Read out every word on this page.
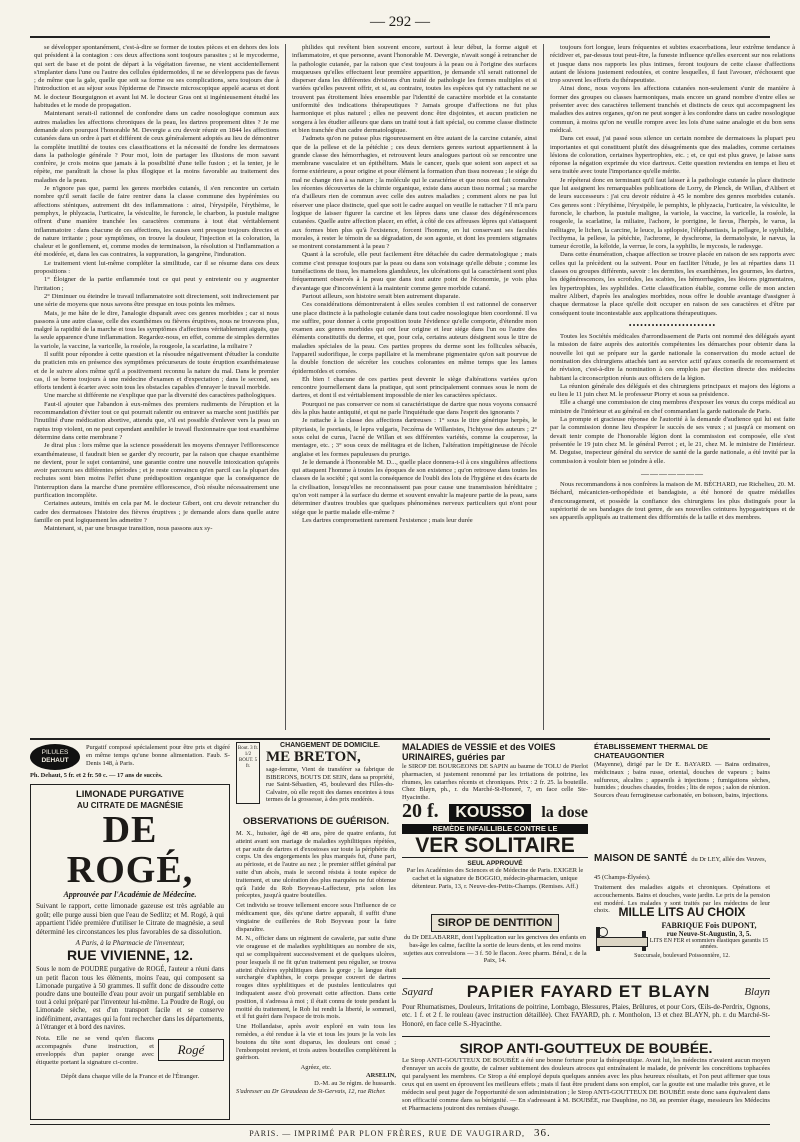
— 292 —

se développer spontanément, c'est-à-dire se former de toutes pièces et en dehors des lois qui président à la contagion : ces deux affections sont toujours parasites ; si le mycoderme, qui sert de base et de point de départ à la végétation favense, ne vient accidentellement s'implanter dans l'une ou l'autre des cellules épidermoïdes, il ne se développera pas de favus ; de même que la gale, quelle que soit sa forme ou ses complications, sera toujours due à l'introduction et au séjour sous l'épiderme de l'insecte microscopique appelé acarus et dont M. le docteur Bourguignon et avant lui M. le docteur Gras ont si ingénieusement étudié les habitudes et le mode de propagation.

Maintenant serait-il rationnel de confondre dans un cadre nosologique commun aux autres maladies les affections chroniques de la peau, les dartres proprement dites ? Je me demande alors pourquoi l'honorable M. Devergie a cru devoir réunir en 1844 les affections cutanées dans un ordre à part et différent de ceux généralement adoptés au lieu de démontrer la complète inutilité de toutes ces classifications et la nécessité de fondre les dermatoses dans la pathologie générale ? Pour moi, loin de partager les illusions de mon savant confrère, je crois moins que jamais à la possibilité d'une telle fusion ; et la tenter, je le répète, me paraîtrait la chose la plus illogique et la moins favorable au traitement des maladies de la peau.

Je n'ignore pas que, parmi les genres morbides cutanés, il s'en rencontre un certain nombre qu'il serait facile de faire rentrer dans la classe commune des hypérémies ou affections sténiques, autrement dit des inflammations : ainsi, l'érysipèle, l'érythème, le pemphyx, le phlyzacia, l'urticaire, la vésiculite, le furoncle, le charbon, la pustule maligne offrent d'une manière tranchée les caractères communs à tout état véritablement inflammatoire : dans chacune de ces affections, les causes sont presque toujours directes et de nature irritante ; pour symptômes, on trouve la douleur, l'injection et la coloration, la chaleur et le gonflement, et, comme modes de terminaison, la résolution si l'inflammation a été modérée, et, dans les cas contraires, la suppuration, la gangrène, l'induration.

Le traitement vient lui-même compléter la similitude, car il se résume dans ces deux propositions :

1° Éloigner de la partie enflammée tout ce qui peut y entretenir ou y augmenter l'irritation ;

2° Diminuer ou éteindre le travail inflammatoire soit directement, soit indirectement par une série de moyens que nous savons être presque en tous points les mêmes.

Mais, je me hâte de le dire, l'analogie disparaît avec ces genres morbides ; car si nous passons à une autre classe, celle des exanthèmes ou fièvres éruptives, nous ne trouvons plus, malgré la rapidité de la marche et tous les symptômes d'affections véritablement aiguës, que la seule apparence d'une inflammation. Regardez-nous, en effet, comme de simples dermites la variole, la vaccine, la varicelle, la roséole, la rougeole, la scarlatine, la miliaire ?

Il suffit pour répondre à cette question et la résoudre négativement d'étudier la conduite du praticien mis en présence des symptômes précurseurs de toute éruption exanthémateuse et de le suivre alors même qu'il a positivement reconnu la nature du mal. Dans le premier cas, il se borne toujours à une médecine d'examen et d'expectation ; dans le second, ses efforts tendent à écarter avec soin tous les obstacles capables d'enrayer le travail morbide.

Une marche si différente ne s'explique que par la diversité des caractères pathologiques.

Faut-il ajouter que l'abandon à eux-mêmes des premiers rudiments de l'éruption et la recommandation d'éviter tout ce qui pourrait ralentir ou entraver sa marche sont justifiés par l'inutilité d'une médication abortive, attendu que, s'il est possible d'enlever vers la peau un raptus trop violent, on ne peut cependant annihiler le travail fluxionnaire que tout exanthème détermine dans cette membrane ?

Je dirai plus : lors même que la science posséderait les moyens d'enrayer l'efflorescence exanthémateuse, il faudrait bien se garder d'y recourir, par la raison que chaque exanthème ne devient, pour le sujet contaminé, une garantie contre une nouvelle intoxication qu'après avoir parcouru ses différentes périodes ; et je reste convaincu qu'en parcil cas la plupart des rechutes sont bien moins l'effet d'une prédisposition organique que la conséquence de l'interruption dans la marche d'une première efflorescence, d'où résulte nécessairement une purification incomplète.

Certaines auteurs, imités en cela par M. le docteur Gibert, ont cru devoir retrancher du cadre des dermatoses l'histoire des fièvres éruptives ; je demande alors dans quelle autre famille on peut logiquement les admettre ?

Maintenant, si, par une brusque transition, nous passons aux sy-

philides qui revêtent bien souvent encore, surtout à leur début, la forme aiguë et inflammatoire, et que personne, avant l'honorable M. Devergie, n'avait songé à retrancher de la pathologie cutanée, par la raison que c'est toujours à la peau ou à l'origine des surfaces muqueuses qu'elles effectuent leur première apparition, je demande s'il serait rationnel de disperser dans les différentes divisions d'un traité de pathologie les formes multiples et si variées qu'elles peuvent offrir, et si, au contraire, toutes les espèces qui s'y rattachent ne se trouvent pas étroitement liées ensemble par l'identité de caractère morbide et la constante uniformité des indications thérapeutiques ? Jamais groupe d'affections ne fut plus harmonique et plus naturel ; elles ne peuvent donc être disjointes, et aucun praticien ne songera à les étudier ailleurs que dans un traité tout à fait spécial, ou comme classe distincte et bien tranchée d'un cadre dermatologique.

J'admets qu'on ne puisse plus rigoureusement en être autant de la carcine cutanée, ainsi que de la pellese et de la pétéchie ; ces deux derniers genres surtout appartiennent à la grande classe des hémorrhagies, et retrouvent leurs analogues partout où se rencontre une membrane vasculaire et un épithélium. Mais le cancer, quels que soient son aspect et sa forme extérieure, a pour origine et pour élément la formation d'un tissu nouveau ; le siége du mal ne change rien à sa nature ; la molécule qui le caractérise et que nous ont fait connaître les récentes découvertes de la chimie organique, existe dans aucun tissu normal ; sa marche n'a d'ailleurs rien de commun avec celle des autres maladies ; comment alors ne pas lui réserver une place distincte, quel que soit le cadre auquel on veuille le rattacher ? Il m'a paru logique de laisser figurer la carcine et les lèpres dans une classe des dégénérescences cutanées. Quelle autre affection placer, en effet, à côté de ces affreuses lèpres qui s'attaquent aux formes bien plus qu'à l'existence, forcent l'homme, en lui conservant ses facultés morales, à rester le témoin de sa dégradation, de son agonie, et dont les premiers stigmates se montrent constamment à la peau ?

Quant à la scrofule, elle peut facilement être détachée du cadre dermatologique ; mais comme c'est presque toujours par la peau ou dans son voisinage qu'elle débute ; comme les tuméfactions de tissu, les mamelons glanduleux, les ulcérations qui la caractérisent sont plus fréquemment observés à la peau que dans tout autre point de l'économie, je vois plus d'avantage que d'inconvénient à la maintenir comme genre morbide cutané.

Partout ailleurs, son histoire serait bien autrement disparate.

Ces considérations démontreraient à elles seules combien il est rationnel de conserver une place distincte à la pathologie cutanée dans tout cadre nosologique bien coordonné. Il va me suffire, pour donner à cette proposition toute l'évidence qu'elle comporte, d'étendre mon examen aux genres morbides qui ont leur origine et leur siége dans l'un ou l'autre des éléments constitutifs du derme, et que, pour cela, certains auteurs désignent sous le titre de maladies spéciales de la peau. Ces parties propres du derme sont les follicules sébacés, l'appareil sudorifique, le corps papillaire et la membrane pigmentaire qu'on sait pourvue de la double fonction de sécréter les couches colorantes en même temps que les lames épidermoïdes et cornées.

Eh bien ! chacune de ces parties peut devenir le siège d'altérations variées qu'on rencontre journellement dans la pratique, qui sont principalement connues sous le nom de dartres, et dont il est véritablement impossible de nier les caractères spéciaux.

Pourquoi ne pas conserver ce nom si caractéristique de dartre que nous voyons consacré dès la plus haute antiquité, et qui ne parle l'inquiétude que dans l'esprit des ignorants ?

Je rattache à la classe des affections dartreuses : 1° sous le titre générique herpès, le pityriasis, le psoriasis, le lepra vulgaris, l'eczéma de Willanistes, l'ichtyose des auteurs ; 2° sous celui de curus, l'acné de Willan et ses différentes variétés, comme la couperose, la mentagre, etc. ; 3° sous ceux de mélitagra et de lichen, l'altération impétigineuse de l'école anglaise et les formes papuleuses du prurigo.

Je le demande à l'honorable M. D..., quelle place donnera-t-il à ces singulières affections qui attaquent l'homme à toutes les époques de son existence ; qu'on retrouve dans toutes les classes de la société ; qui sont la conséquence de l'oubli des lois de l'hygiène et des écarts de la civilisation, lorsqu'elles ne reconnaissent pas pour cause une transmission héréditaire ; qu'on voit ramper à la surface du derme et souvent envahir la majeure partie de la peau, sans déterminer d'autres troubles que quelques phénomènes nerveux particuliers qui n'ont pour siége que le partie malade elle-même ?

Les dartres compromettent rarement l'existence ; mais leur durée

toujours fort longue, leurs fréquentes et subites exacerbations, leur extrême tendance à récidiver et, par-dessus tout peut-être, la funeste influence qu'elles exercent sur nos relations et jusque dans nos rapports les plus intimes, feront toujours de cette classe d'affections autant de lésions justement redoutées, et contre lesquelles, il faut l'avouer, n'échouent que trop souvent les efforts du thérapeutiste.

Ainsi donc, nous voyons les affections cutanées non-seulement s'unir de manière à former des groupes ou classes harmoniques, mais encore un grand nombre d'entre elles se présenter avec des caractères tellement tranchés et distincts de ceux qui accompagnent les maladies des autres organes, qu'on ne peut songer à les confondre dans un cadre nosologique commun, à moins qu'on ne veuille rompre avec les lois d'une saine analogie et du bon sens médical.

Dans cet essai, j'ai passé sous silence un certain nombre de dermatoses la plupart peu importantes et qui constituent plutôt des désagréments que des maladies, comme certaines lésions de coloration, certaines hypertrophies, etc. ; et, ce qui est plus grave, je laisse sans réponse la négation exprimée du vice dartreux. Cette question reviendra en temps et lieu et sera traitée avec toute l'importance qu'elle mérite.

Je répéterai donc en terminant qu'il faut laisser à la pathologie cutanée la place distincte que lui assignent les remarquables publications de Lorry, de Plenck, de Willan, d'Alibert et de leurs successeurs : j'ai cru devoir réduire à 45 le nombre des genres morbides cutanés. Ces genres sont : l'érythème, l'érysipèle, le pemphix, le phlyzacia, l'urticaire, la vésiculite, le furoncle, le charbon, la pustule maligne, la variole, la vaccine, la varicelle, la roséole, la rougeole, la scarlatine, la miliaire, l'achore, le porrigine, le favus, l'herpès, le varus, la mélitagre, le lichen, la carcine, le leuce, la spilopsie, l'éléphantiasis, la pellagre, le syphilide, l'ecthyma, la pellese, la pétéchie, l'achrome, le dyschrome, la dermatolysie, le nævus, la tumeur écrotile, la kéloïde, la verrue, le cors, la syphilis, le mycosis, le radesyge.

Dans cette énumération, chaque affection se trouve placée en raison de ses rapports avec celles qui la précèdent ou la suivent. Pour en faciliter l'étude, je les ai réparties dans 11 classes ou groupes différents, savoir : les dermites, les exanthèmes, les gourmes, les dartres, les dégénérescences, les scrofules, les scabies, les hémorrhagies, les lésions pigmentaires, les hypertrophies, les syphilides. Cette classification établie, comme celle de mon ancien maître Alibert, d'après les analogies morbides, nous offre le double avantage d'assigner à chaque dermatose la place qu'elle doit occuper en raison de ses caractères et d'être par conséquent toute incontestable aux applications thérapeutiques.

•••••••••••••••••••••••

Toutes les Sociétés médicales d'arrondissement de Paris ont nommé des délégués ayant la mission de faire auprès des autorités compétentes les démarches pour obtenir dans la nouvelle loi qui se prépare sur la garde nationale la conservation du mode actuel de nomination des chirurgiens attachés tant au service actif qu'aux conseils de recensement et de révision, c'est-à-dire la nomination à ces emplois par élection directe des médecins habitant la circonscription réunis aux officiers de la légion.

La réunion générale des délégués et des chirurgiens principaux et majors des légions a eu lieu le 11 juin chez M. le professeur Piorry et sous sa présidence.

Elle a chargé une commission de cinq membres d'exposer les vœux du corps médical au ministre de l'intérieur et au général en chef commandant la garde nationale de Paris.

La prompte et gracieuse réponse de l'autorité à la demande d'audience qui lui est faite par la commission donne lieu d'espérer le succès de ses vœux ; si jusqu'à ce moment on devait tenir compte de l'honorable légion dont la commission est composée, elle s'est présentée le 19 juin chez M. le général Perrot ; et, le 21, chez M. le ministre de l'intérieur. M. Deguise, inspecteur général du service de santé de la garde nationale, a été invité par la commission à vouloir bien se joindre à elle.

———————

Nous recommandons à nos confrères la maison de M. BÉCHARD, rue Richelieu, 20. M. Béchard, mécanicien-orthopédiste et bandagiste, a été honoré de quatre médailles d'encouragement, et possède la confiance des chirurgiens les plus distingués pour la supériorité de ses bandages de tout genre, de ses nouvelles ceintures hypogastriques et de ses appareils appliqués au traitement des difformités de la taille et des membres.

PILULES
DEHAUT
Purgatif composé spécialement pour être pris et digéré en même temps qu'une bonne alimentation. Faub. S-Denis 148, à Paris.
Ph. Dehaut, 5 fr. et 2 fr. 50 c. — 17 ans de succès.
LIMONADE PURGATIVE
AU CITRATE DE MAGNÉSIE
DE ROGÉ,
Approuvée par l'Académie de Médecine.
Suivant le rapport, cette limonade gazeuse est très agréable au goût; elle purge aussi bien que l'eau de Sedlitz; et M. Rogé, à qui appartient l'idée première d'utiliser le Citrate de magnésie, a seul déterminé les circonstances les plus favorables de sa dissolution.
A Paris, à la Pharmacie de l'inventeur,
RUE VIVIENNE, 12.
Sous le nom de POUDRE purgative de ROGÉ, l'auteur a réuni dans un petit flacon tous les éléments, moins l'eau, qui composent sa Limonade purgative à 50 grammes. Il suffit donc de dissoudre cette poudre dans une bouteille d'eau pour avoir un purgatif semblable en tout à celui préparé par l'inventeur lui-même. La Poudre de Rogé, ou Limonade sèche, est d'un transport facile et se conserve indéfiniment, avantages qui la font rechercher dans les départements, à l'étranger et à bord des navires.
Nota. Elle ne se vend qu'en flacons accompagnés d'une instruction, et enveloppés d'un papier orange avec étiquette portant la signature ci-contre.
Rogé
Dépôt dans chaque ville de la France et de l'Étranger.
Bout. 3 fr. 1/2 BOUT. 5 fr.
CHANGEMENT DE DOMICILE.
ME BRETON,
sage-femme, Vient de transférer sa fabrique de BIBERONS, BOUTS DE SEIN, dans sa propriété, rue Saint-Sébastien, 45, boulevard des Filles-du-Calvaire, où elle reçoit des dames enceintes à tous termes de la grossesse, à des prix modérés.
OBSERVATIONS DE GUÉRISON.
M. X., huissier, âgé de 48 ans, père de quatre enfants, fut atteint avant son mariage de maladies syphilitiques répétées, et par suite de dartres et d'exostoses sur toute la périphérie du corps. Un des engorgements les plus marqués fut, d'une part, au périoste, et de l'autre au nez ; le premier sifflet général par suite d'un abcès, mais le second résista à toute espèce de traitement, et une ulcération des plus marquées ne fut obtenue qu'à l'aide du Rob Boyveau-Laffecteur, pris selon les préceptes, jusqu'à quatre bouteilles.
Cet individu se trouve tellement encore sous l'influence de ce médicament que, dès qu'une dartre apparaît, il suffit d'une vingtaine de cuillerées de Rob Boyveau pour la faire disparaître.
M. N., officier dans un régiment de cavalerie, par suite d'une vie orageuse et de maladies syphilitiques au nombre de six, qui se compliquèrent successivement et de quelques ulcères, pour lesquels il ne fit qu'un traitement peu régulier, se trouva atteint d'ulcères syphilitiques dans la gorge ; la langue était surchargée d'aphthes, le corps presque couvert de dartres rouges dites syphilitiques et de pustules lenticulaires qui indiquaient assez d'où provenait cette affection. Dans cette position, il s'adressa à moi ; il était connu de toute pendant la moitié du traitement, le Rob lui rendit la liberté, le sommeil, et il fut guéri dans l'espace de trois mois.
Une Hollandaise, après avoir exploré en vain tous les remèdes, a été rendue à la vie et tous les jours je la vois les boutons du tête sont disparus, les douleurs ont cessé ; l'embonpoint revient, et trois autres bouteilles complétèrent la guérison.
Agréez, etc.
ARSELIN,
D.-M. au 3e régim. de hussards.
S'adresser au Dr Giraudeau de St-Gervais, 12, rue Richer.
MALADIES de VESSIE et des VOIES URINAIRES, guéries par
le SIROP DE BOURGEONS DE SAPIN au baume de TOLU de Pierlot pharmacien, si justement renommé par les irritations de poitrine, les rhumes, les catarrhes récents et chroniques. Prix : 2 fr. 25. la bouteille. Chez Blayn, ph., r. du Marché-St-Honoré, 7, en face celle Ste-Hyacinthe.
20 f.	KOUSSO	la dose
REMÈDE INFAILLIBLE CONTRE LE
VER SOLITAIRE
SEUL APPROUVÉ
Par les Académies des Sciences et de Médecine de Paris. EXIGER le cachet et la signature de BOGGIO, médecin-pharmacien, unique détenteur. Paris, 13, r. Neuve-des-Petits-Champs. (Remises. Aff.)
SIROP DE DENTITION
du Dr DELABARRE, dont l'application sur les gencives des enfants en bas-âge les calme, facilite la sortie de leurs dents, et les rend moins sujettes aux convulsions — 3 f. 50 le flacon. Avec pharm. Béral, r. de la Paix, 14.
ÉTABLISSEMENT THERMAL DE CHATEAUGONTIER
(Mayenne), dirigé par le Dr E. BAYARD. — Bains ordinaires, médicinaux ; bains russe, oriental, douches de vapeurs ; bains sulfureux, alcalins ; appareils à injections ; fumigations sèches, humides ; douches chaudes, froides ; lits de repos ; salon de réunion. Sources d'eau ferrugineuse carbonatée, en boisson, bains, injections.
MAISON DE SANTÉ du Dr LEY, allée des Veuves, 45 (Champs-Élysées).
Traitement des maladies aiguës et chroniques. Opérations et accouchements. Bains et douches, vaste jardin. Le prix de la pension est modéré. Les malades y sont traités par les médecins de leur choix. MILLE LITS AU CHOIX
FABRIQUE Fois DUPONT,
rue Neuve-St-Augustin, 3, 5.
LITS EN FER et sommiers élastiques garantis 15 années.
Succursale, boulevard Poissonnière, 12.
Sayard PAPIER FAYARD ET BLAYN	Blayn
Pour Rhumatismes, Douleurs, Irritations de poitrine, Lombago, Blessures, Plaies, Brûlures, et pour Cors, Œils-de-Perdrix, Ognons, etc. 1 f. et 2 f. le rouleau (avec instruction détaillée). Chez FAYARD, ph. r. Montholon, 13 et chez BLAYN, ph. r. du Marché-St-Honoré, en face celle S.-Hyacinthe.
SIROP ANTI-GOUTTEUX DE BOUBÉE.
Le Sirop ANTI-GOUTTEUX DE BOUBÉE a été une bonne fortune pour la thérapeutique. Avant lui, les médecins n'avaient aucun moyen d'enrayer un accès de goutte, de calmer subitement des douleurs atroces qui entraînaient le malade, de prévenir les concrétions tophacées qui paralysent les membres. Ce Sirop a été employé depuis quelques années avec les plus heureux résultats, et l'on peut affirmer que tous ceux qui en usent en éprouvent les meilleurs effets ; mais il faut être prudent dans son emploi, car la goutte est une maladie très grave, et le médecin seul peut juger de l'opportunité de son administration ; le Sirop ANTI-GOUTTEUX DE BOUBÉE reste donc sans équivalent dans son efficacité comme dans sa bénignité. — En s'adressant à M. BOUBÉE, rue Dauphine, no 38, au premier étage, messieurs les Médecins et Pharmaciens jouiront des remises d'usage.
PARIS. — IMPRIMÉ PAR PLON FRÈRES, RUE DE VAUGIRARD, 36.
